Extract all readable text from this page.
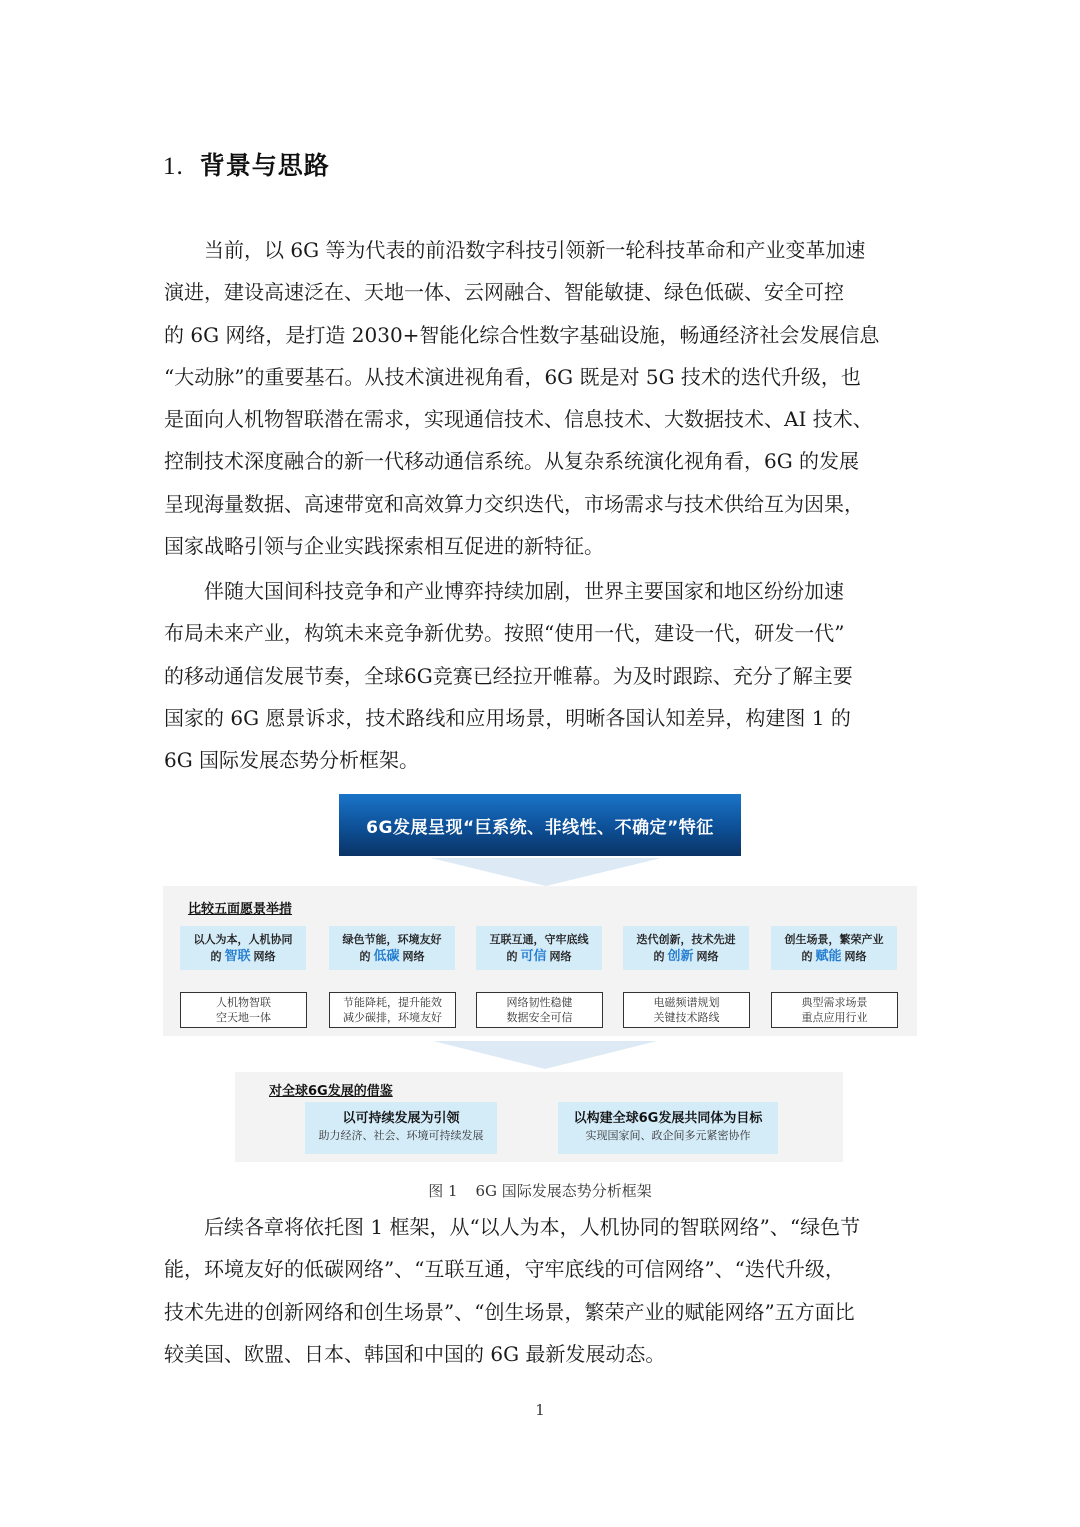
1. 背景与思路
当前，以 6G 等为代表的前沿数字科技引领新一轮科技革命和产业变革加速
演进，建设高速泛在、天地一体、云网融合、智能敏捷、绿色低碳、安全可控
的 6G 网络，是打造 2030+智能化综合性数字基础设施，畅通经济社会发展信息
“大动脉”的重要基石。从技术演进视角看，6G 既是对 5G 技术的迭代升级，也
是面向人机物智联潜在需求，实现通信技术、信息技术、大数据技术、AI 技术、
控制技术深度融合的新一代移动通信系统。从复杂系统演化视角看，6G 的发展
呈现海量数据、高速带宽和高效算力交织迭代，市场需求与技术供给互为因果，
国家战略引领与企业实践探索相互促进的新特征。
伴随大国间科技竞争和产业博弈持续加剧，世界主要国家和地区纷纷加速
布局未来产业，构筑未来竞争新优势。按照“使用一代，建设一代，研发一代”
的移动通信发展节奏，全球6G竞赛已经拉开帷幕。为及时跟踪、充分了解主要
国家的 6G 愿景诉求，技术路线和应用场景，明晰各国认知差异，构建图 1 的
6G 国际发展态势分析框架。
6G发展呈现“巨系统、非线性、不确定”特征
比较五面愿景举措
以人为本，人机协同
的 智联 网络
绿色节能，环境友好
的 低碳 网络
互联互通，守牢底线
的 可信 网络
迭代创新，技术先进
的 创新 网络
创生场景，繁荣产业
的 赋能 网络
人机物智联
空天地一体
节能降耗，提升能效
减少碳排，环境友好
网络韧性稳健
数据安全可信
电磁频谱规划
关键技术路线
典型需求场景
重点应用行业
对全球6G发展的借鉴
以可持续发展为引领
助力经济、社会、环境可持续发展
以构建全球6G发展共同体为目标
实现国家间、政企间多元紧密协作
图 1 6G 国际发展态势分析框架
后续各章将依托图 1 框架，从“以人为本，人机协同的智联网络”、“绿色节
能，环境友好的低碳网络”、“互联互通，守牢底线的可信网络”、“迭代升级，
技术先进的创新网络和创生场景”、“创生场景，繁荣产业的赋能网络”五方面比
较美国、欧盟、日本、韩国和中国的 6G 最新发展动态。
1
